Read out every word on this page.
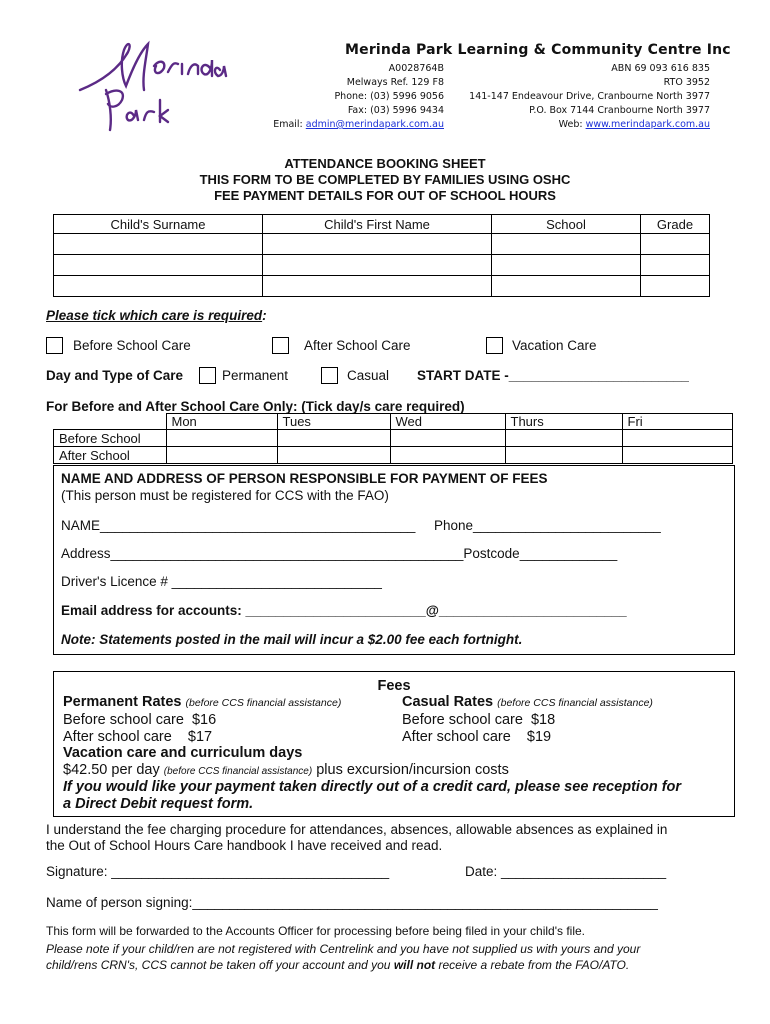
Merinda Park Learning & Community Centre Inc
A0028764B
Melways Ref. 129 F8
Phone: (03) 5996 9056
Fax: (03) 5996 9434
Email: admin@merindapark.com.au
ABN 69 093 616 835
RTO 3952
141-147 Endeavour Drive, Cranbourne North 3977
P.O. Box 7144 Cranbourne North 3977
Web: www.merindapark.com.au
ATTENDANCE BOOKING SHEET
THIS FORM TO BE COMPLETED BY FAMILIES USING OSHC
FEE PAYMENT DETAILS FOR OUT OF SCHOOL HOURS
Child's Surname	Child's First Name	School	Grade

Please tick which care is required:
Before School Care	After School Care	Vacation Care
Day and Type of Care	Permanent	Casual START DATE -________________________
For Before and After School Care Only: (Tick day/s care required)
	Mon	Tues	Wed	Thurs	Fri
Before School					
After School					
NAME AND ADDRESS OF PERSON RESPONSIBLE FOR PAYMENT OF FEES
(This person must be registered for CCS with the FAO)
NAME__________________________________________ Phone_________________________
Address_______________________________________________Postcode_____________
Driver's Licence # ____________________________
Email address for accounts: ________________________@_________________________
Note: Statements posted in the mail will incur a $2.00 fee each fortnight.
Fees
Permanent Rates (before CCS financial assistance)
Before school care  $16
After school care    $17
Casual Rates (before CCS financial assistance)
Before school care  $18
After school care    $19
Vacation care and curriculum days
$42.50 per day (before CCS financial assistance) plus excursion/incursion costs
If you would like your payment taken directly out of a credit card, please see reception for
a Direct Debit request form.
I understand the fee charging procedure for attendances, absences, allowable absences as explained in
the Out of School Hours Care handbook I have received and read.
Signature: _____________________________________	Date: ______________________
Name of person signing:______________________________________________________________
This form will be forwarded to the Accounts Officer for processing before being filed in your child's file.
Please note if your child/ren are not registered with Centrelink and you have not supplied us with yours and your
child/rens CRN's, CCS cannot be taken off your account and you will not receive a rebate from the FAO/ATO.
